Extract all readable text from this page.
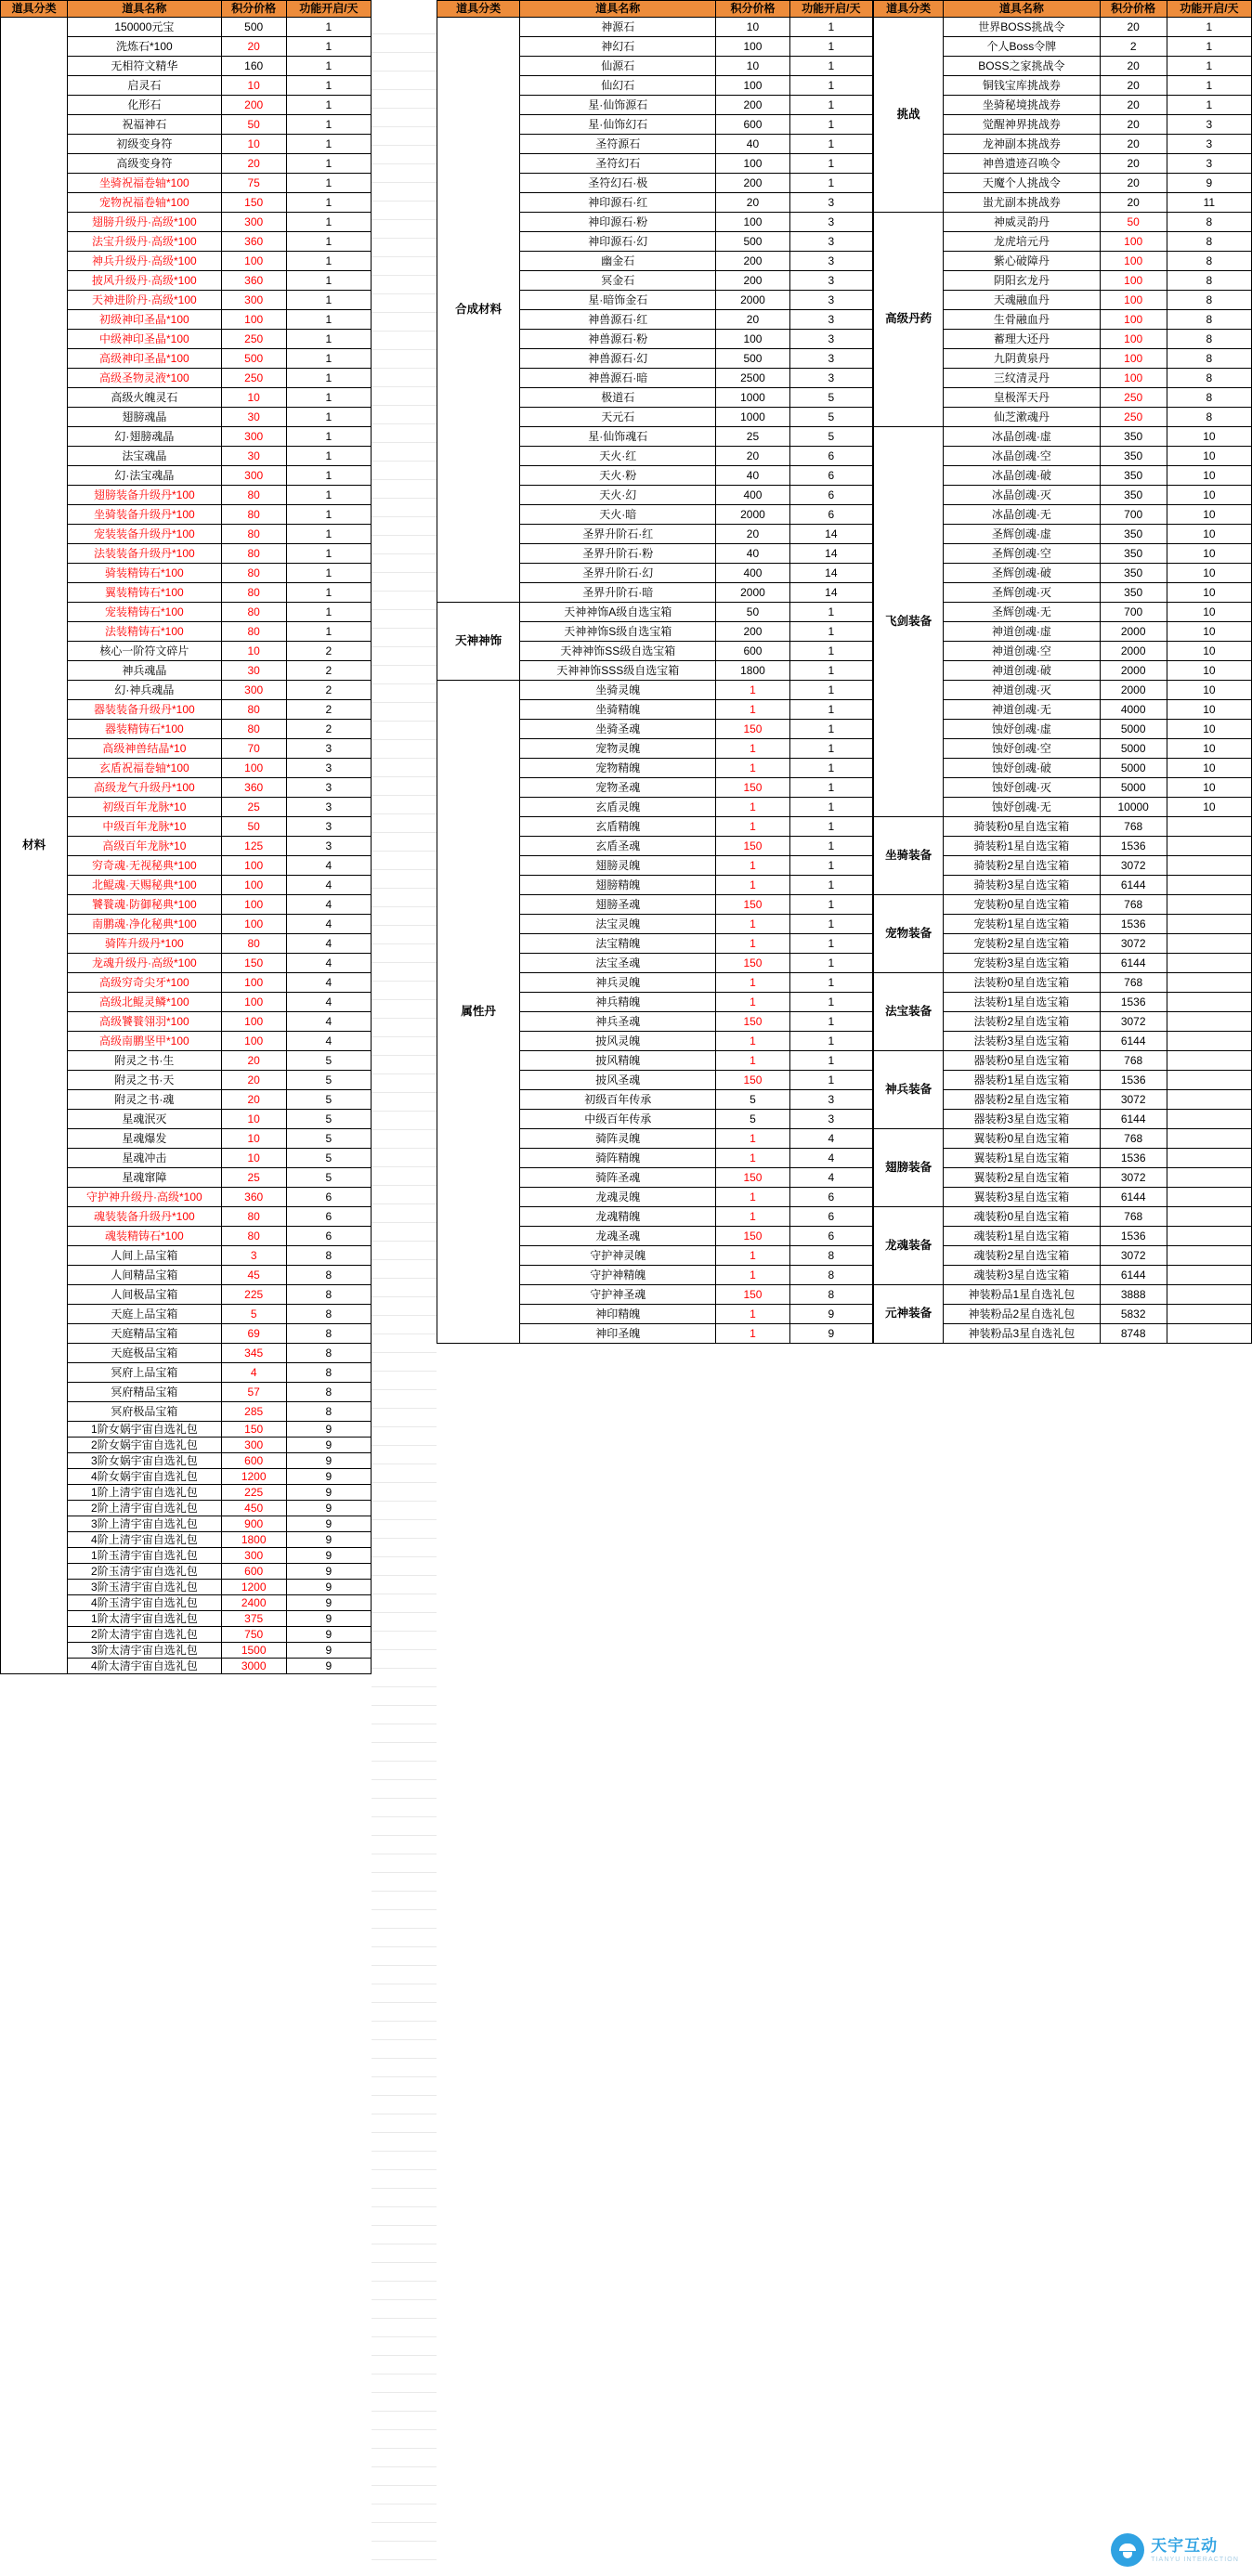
道具分类	道具名称	积分价格	功能开启/天
材料	150000元宝	500	1
	洗炼石*100	20	1
	无相符文精华	160	1
	启灵石	10	1
	化形石	200	1
	祝福神石	50	1
	初级变身符	10	1
	高级变身符	20	1
	坐骑祝福卷轴*100	75	1
	宠物祝福卷轴*100	150	1
	翅膀升级丹·高级*100	300	1
	法宝升级丹·高级*100	360	1
	神兵升级丹·高级*100	100	1
	披风升级丹·高级*100	360	1
	天神进阶丹·高级*100	300	1
	初级神印圣晶*100	100	1
	中级神印圣晶*100	250	1
	高级神印圣晶*100	500	1
	高级圣物灵液*100	250	1
	高级火魄灵石	10	1
	翅膀魂晶	30	1
	幻·翅膀魂晶	300	1
	法宝魂晶	30	1
	幻·法宝魂晶	300	1
	翅膀装备升级丹*100	80	1
	坐骑装备升级丹*100	80	1
	宠装装备升级丹*100	80	1
	法装装备升级丹*100	80	1
	骑装精铸石*100	80	1
	翼装精铸石*100	80	1
	宠装精铸石*100	80	1
	法装精铸石*100	80	1
	核心一阶符文碎片	10	2
	神兵魂晶	30	2
	幻·神兵魂晶	300	2
	器装装备升级丹*100	80	2
	器装精铸石*100	80	2
	高级神兽结晶*10	70	3
	玄盾祝福卷轴*100	100	3
	高级龙气升级丹*100	360	3
	初级百年龙脉*10	25	3
	中级百年龙脉*10	50	3
	高级百年龙脉*10	125	3
	穷奇魂·无视秘典*100	100	4
	北鲲魂·天赐秘典*100	100	4
	饕餮魂·防御秘典*100	100	4
	南鹏魂·净化秘典*100	100	4
	骑阵升级丹*100	80	4
	龙魂升级丹·高级*100	150	4
	高级穷奇尖牙*100	100	4
	高级北鲲灵鳞*100	100	4
	高级饕餮翎羽*100	100	4
	高级南鹏坚甲*100	100	4
	附灵之书·生	20	5
	附灵之书·天	20	5
	附灵之书·魂	20	5
	星魂泯灭	10	5
	星魂爆发	10	5
	星魂冲击	10	5
	星魂窜障	25	5
	守护神升级丹·高级*100	360	6
	魂装装备升级丹*100	80	6
	魂装精铸石*100	80	6
	人间上品宝箱	3	8
	人间精品宝箱	45	8
	人间极品宝箱	225	8
	天庭上品宝箱	5	8
	天庭精品宝箱	69	8
	天庭极品宝箱	345	8
	冥府上品宝箱	4	8
	冥府精品宝箱	57	8
	冥府极品宝箱	285	8
	1阶女娲宇宙自选礼包	150	9
	2阶女娲宇宙自选礼包	300	9
	3阶女娲宇宙自选礼包	600	9
	4阶女娲宇宙自选礼包	1200	9
	1阶上清宇宙自选礼包	225	9
	2阶上清宇宙自选礼包	450	9
	3阶上清宇宙自选礼包	900	9
	4阶上清宇宙自选礼包	1800	9
	1阶玉清宇宙自选礼包	300	9
	2阶玉清宇宙自选礼包	600	9
	3阶玉清宇宙自选礼包	1200	9
	4阶玉清宇宙自选礼包	2400	9
	1阶太清宇宙自选礼包	375	9
	2阶太清宇宙自选礼包	750	9
	3阶太清宇宙自选礼包	1500	9
	4阶太清宇宙自选礼包	3000	9
道具分类	道具名称	积分价格	功能开启/天
合成材料	神源石	10	1
	神幻石	100	1
	仙源石	10	1
	仙幻石	100	1
	星·仙饰源石	200	1
	星·仙饰幻石	600	1
	圣符源石	40	1
	圣符幻石	100	1
	圣符幻石·极	200	1
	神印源石·红	20	3
	神印源石·粉	100	3
	神印源石·幻	500	3
	幽金石	200	3
	冥金石	200	3
	星·暗饰金石	2000	3
	神兽源石·红	20	3
	神兽源石·粉	100	3
	神兽源石·幻	500	3
	神兽源石·暗	2500	3
	极道石	1000	5
	天元石	1000	5
	星·仙饰魂石	25	5
	天火·红	20	6
	天火·粉	40	6
	天火·幻	400	6
	天火·暗	2000	6
	圣界升阶石·红	20	14
	圣界升阶石·粉	40	14
	圣界升阶石·幻	400	14
	圣界升阶石·暗	2000	14
天神神饰	天神神饰A级自选宝箱	50	1
	天神神饰S级自选宝箱	200	1
	天神神饰SS级自选宝箱	600	1
	天神神饰SSS级自选宝箱	1800	1
属性丹	坐骑灵魄	1	1
	坐骑精魄	1	1
	坐骑圣魂	150	1
	宠物灵魄	1	1
	宠物精魄	1	1
	宠物圣魂	150	1
	玄盾灵魄	1	1
	玄盾精魄	1	1
	玄盾圣魂	150	1
	翅膀灵魄	1	1
	翅膀精魄	1	1
	翅膀圣魂	150	1
	法宝灵魄	1	1
	法宝精魄	1	1
	法宝圣魂	150	1
	神兵灵魄	1	1
	神兵精魄	1	1
	神兵圣魂	150	1
	披风灵魄	1	1
	披风精魄	1	1
	披风圣魂	150	1
	初级百年传承	5	3
	中级百年传承	5	3
	骑阵灵魄	1	4
	骑阵精魄	1	4
	骑阵圣魂	150	4
	龙魂灵魄	1	6
	龙魂精魄	1	6
	龙魂圣魂	150	6
	守护神灵魄	1	8
	守护神精魄	1	8
	守护神圣魂	150	8
	神印精魄	1	9
	神印圣魄	1	9
道具分类	道具名称	积分价格	功能开启/天
挑战	世界BOSS挑战令	20	1
	个人Boss令牌	2	1
	BOSS之家挑战令	20	1
	铜钱宝库挑战券	20	1
	坐骑秘境挑战券	20	1
	觉醒神界挑战券	20	3
	龙神副本挑战券	20	3
	神兽遗迹召唤令	20	3
	天魔个人挑战令	20	9
	蚩尤副本挑战券	20	11
高级丹药	神威灵韵丹	50	8
	龙虎培元丹	100	8
	紫心破障丹	100	8
	阴阳玄龙丹	100	8
	天魂融血丹	100	8
	生骨融血丹	100	8
	蓄理大还丹	100	8
	九阴黄泉丹	100	8
	三纹清灵丹	100	8
	皇极浑天丹	250	8
	仙芝漱魂丹	250	8
飞剑装备	冰晶创魂·虚	350	10
	冰晶创魂·空	350	10
	冰晶创魂·破	350	10
	冰晶创魂·灭	350	10
	冰晶创魂·无	700	10
	圣辉创魂·虚	350	10
	圣辉创魂·空	350	10
	圣辉创魂·破	350	10
	圣辉创魂·灭	350	10
	圣辉创魂·无	700	10
	神道创魂·虚	2000	10
	神道创魂·空	2000	10
	神道创魂·破	2000	10
	神道创魂·灭	2000	10
	神道创魂·无	4000	10
	蚀妤创魂·虚	5000	10
	蚀妤创魂·空	5000	10
	蚀妤创魂·破	5000	10
	蚀妤创魂·灭	5000	10
	蚀妤创魂·无	10000	10
坐骑装备	骑装粉0星自选宝箱	768	
	骑装粉1星自选宝箱	1536	
	骑装粉2星自选宝箱	3072	
	骑装粉3星自选宝箱	6144	
宠物装备	宠装粉0星自选宝箱	768	
	宠装粉1星自选宝箱	1536	
	宠装粉2星自选宝箱	3072	
	宠装粉3星自选宝箱	6144	
法宝装备	法装粉0星自选宝箱	768	
	法装粉1星自选宝箱	1536	
	法装粉2星自选宝箱	3072	
	法装粉3星自选宝箱	6144	
神兵装备	器装粉0星自选宝箱	768	
	器装粉1星自选宝箱	1536	
	器装粉2星自选宝箱	3072	
	器装粉3星自选宝箱	6144	
翅膀装备	翼装粉0星自选宝箱	768	
	翼装粉1星自选宝箱	1536	
	翼装粉2星自选宝箱	3072	
	翼装粉3星自选宝箱	6144	
龙魂装备	魂装粉0星自选宝箱	768	
	魂装粉1星自选宝箱	1536	
	魂装粉2星自选宝箱	3072	
	魂装粉3星自选宝箱	6144	
元神装备	神装粉品1星自选礼包	3888	
	神装粉品2星自选礼包	5832	
	神装粉品3星自选礼包	8748	
天宇互动
TIANYU INTERACTION
